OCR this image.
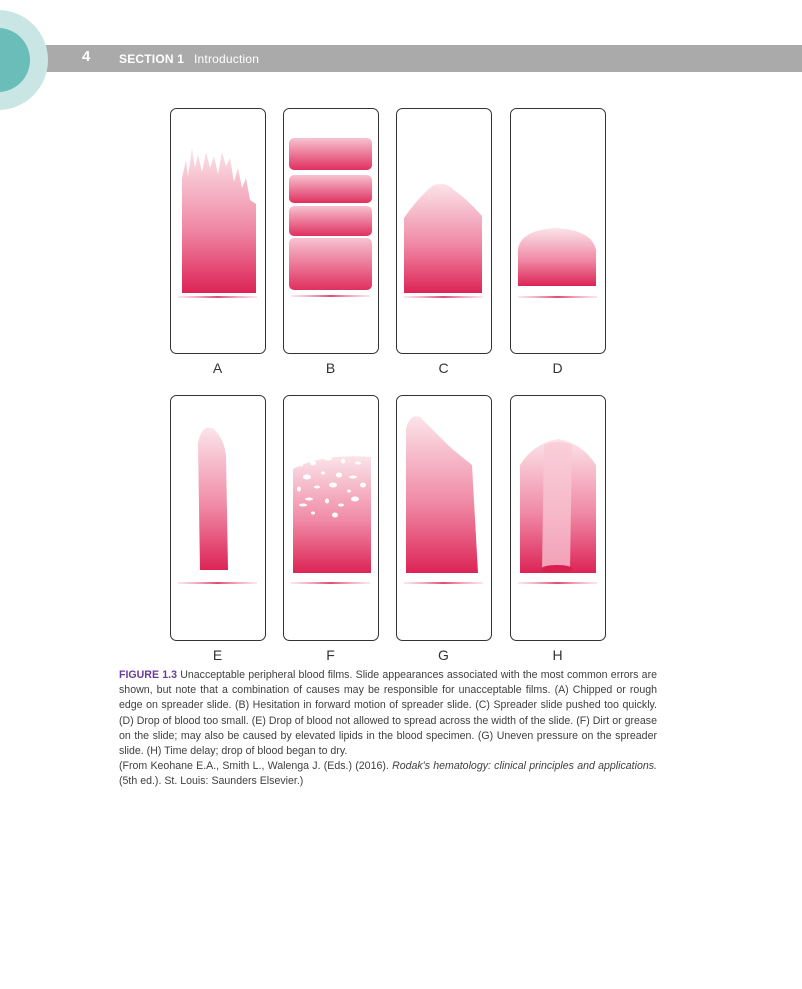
4 SECTION 1 Introduction
A	B	C	D
E	F	G	H

FIGURE 1.3 Unacceptable peripheral blood films. Slide appearances associated with the most common errors are shown, but note that a combination of causes may be responsible for unacceptable films. (A) Chipped or rough edge on spreader slide. (B) Hesitation in forward motion of spreader slide. (C) Spreader slide pushed too quickly. (D) Drop of blood too small. (E) Drop of blood not allowed to spread across the width of the slide. (F) Dirt or grease on the slide; may also be caused by elevated lipids in the blood specimen. (G) Uneven pressure on the spreader slide. (H) Time delay; drop of blood began to dry.

(From Keohane E.A., Smith L., Walenga J. (Eds.) (2016). Rodak's hematology: clinical principles and applications. (5th ed.). St. Louis: Saunders Elsevier.)
